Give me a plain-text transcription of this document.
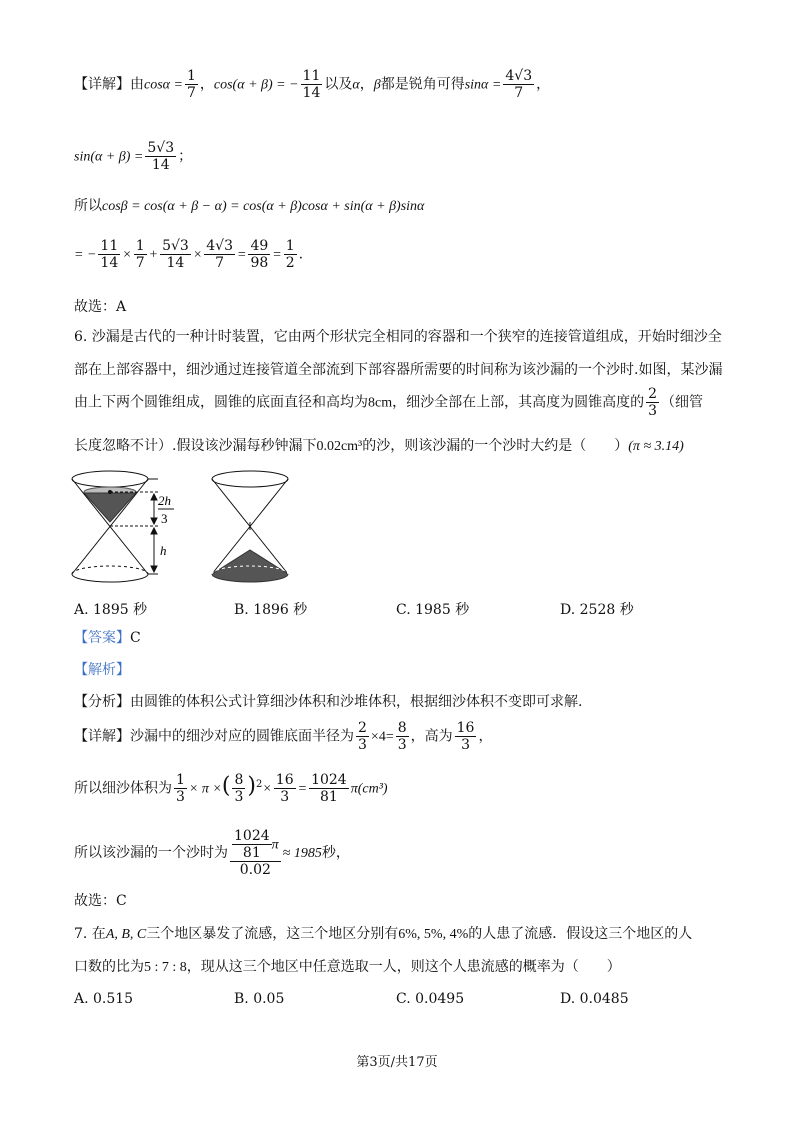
【详解】由$\cos\alpha = \frac{1}{7}$ ，cos(α + β) = − $\frac{11}{14}$ 以及α，β都是锐角可得$\sin\alpha = \frac{4√3}{7}$ ，
$\sin(\alpha + \beta) = \frac{5√3}{14}$ ；
所以cosβ = cos(α + β − α) = cos(α + β)cosα + sin(α + β)sinα
= − $\frac{11}{14} \times \frac{1}{7} + \frac{5√3}{14} \times \frac{4√3}{7} = \frac{49}{98} = \frac{1}{2}$ .
故选：A
6. 沙漏是古代的一种计时装置，它由两个形状完全相同的容器和一个狭窄的连接管道组成，开始时细沙全
部在上部容器中，细沙通过连接管道全部流到下部容器所需要的时间称为该沙漏的一个沙时.如图，某沙漏
由上下两个圆锥组成，圆锥的底面直径和高均为8cm，细沙全部在上部，其高度为圆锥高度的 $\frac{2}{3}$ （细管
长度忽略不计）.假设该沙漏每秒钟漏下0.02cm³的沙，则该沙漏的一个沙时大约是（　　）(π ≈ 3.14)
2h
3
h
A. 1895 秒	B. 1896 秒	C. 1985 秒	D. 2528 秒
【答案】C
【解析】
【分析】由圆锥的体积公式计算细沙体积和沙堆体积，根据细沙体积不变即可求解.
【详解】沙漏中的细沙对应的圆锥底面半径为 $\frac{2}{3} \times 4= \frac{8}{3}$ ，高为 $\frac{16}{3}$ ，
所以细沙体积为 $\frac{1}{3} \times \pi$ ×( $\frac{8}{3} )^2\times \frac{16}{3} = \frac{1024}{81} \pi(cm^3)$
所以该沙漏的一个沙时为 $\frac{\frac{1024}{81} \pi}{0.02} \approx 1985$秒，
故选：C
7. 在A, B, C三个地区暴发了流感，这三个地区分别有6%, 5%, 4%的人患了流感．假设这三个地区的人
口数的比为5 : 7 : 8，现从这三个地区中任意选取一人，则这个人患流感的概率为（　　）
A. 0.515	B. 0.05	C. 0.0495	D. 0.0485
第3页/共17页
